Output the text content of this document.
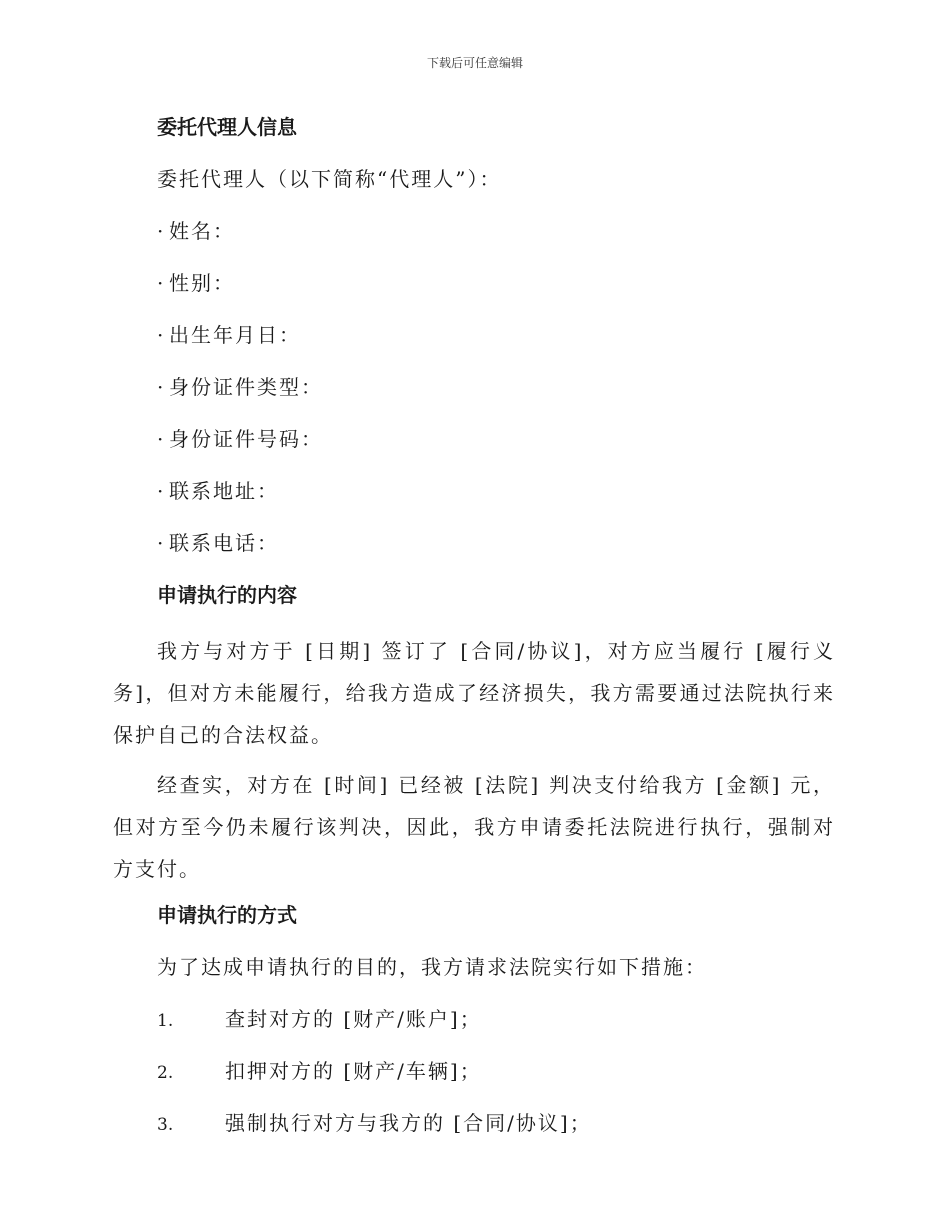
下载后可任意编辑
委托代理人信息
委托代理人（以下简称“代理人”）：
· 姓名：
· 性别：
· 出生年月日：
· 身份证件类型：
· 身份证件号码：
· 联系地址：
· 联系电话：
申请执行的内容

我方与对方于 [日期] 签订了 [合同/协议]，对方应当履行 [履行义务]，但对方未能履行，给我方造成了经济损失，我方需要通过法院执行来保护自己的合法权益。

经查实，对方在 [时间] 已经被 [法院] 判决支付给我方 [金额] 元，但对方至今仍未履行该判决，因此，我方申请委托法院进行执行，强制对方支付。

申请执行的方式
为了达成申请执行的目的，我方请求法院实行如下措施：
1.	查封对方的 [财产/账户]；
2.	扣押对方的 [财产/车辆]；
3.	强制执行对方与我方的 [合同/协议]；
